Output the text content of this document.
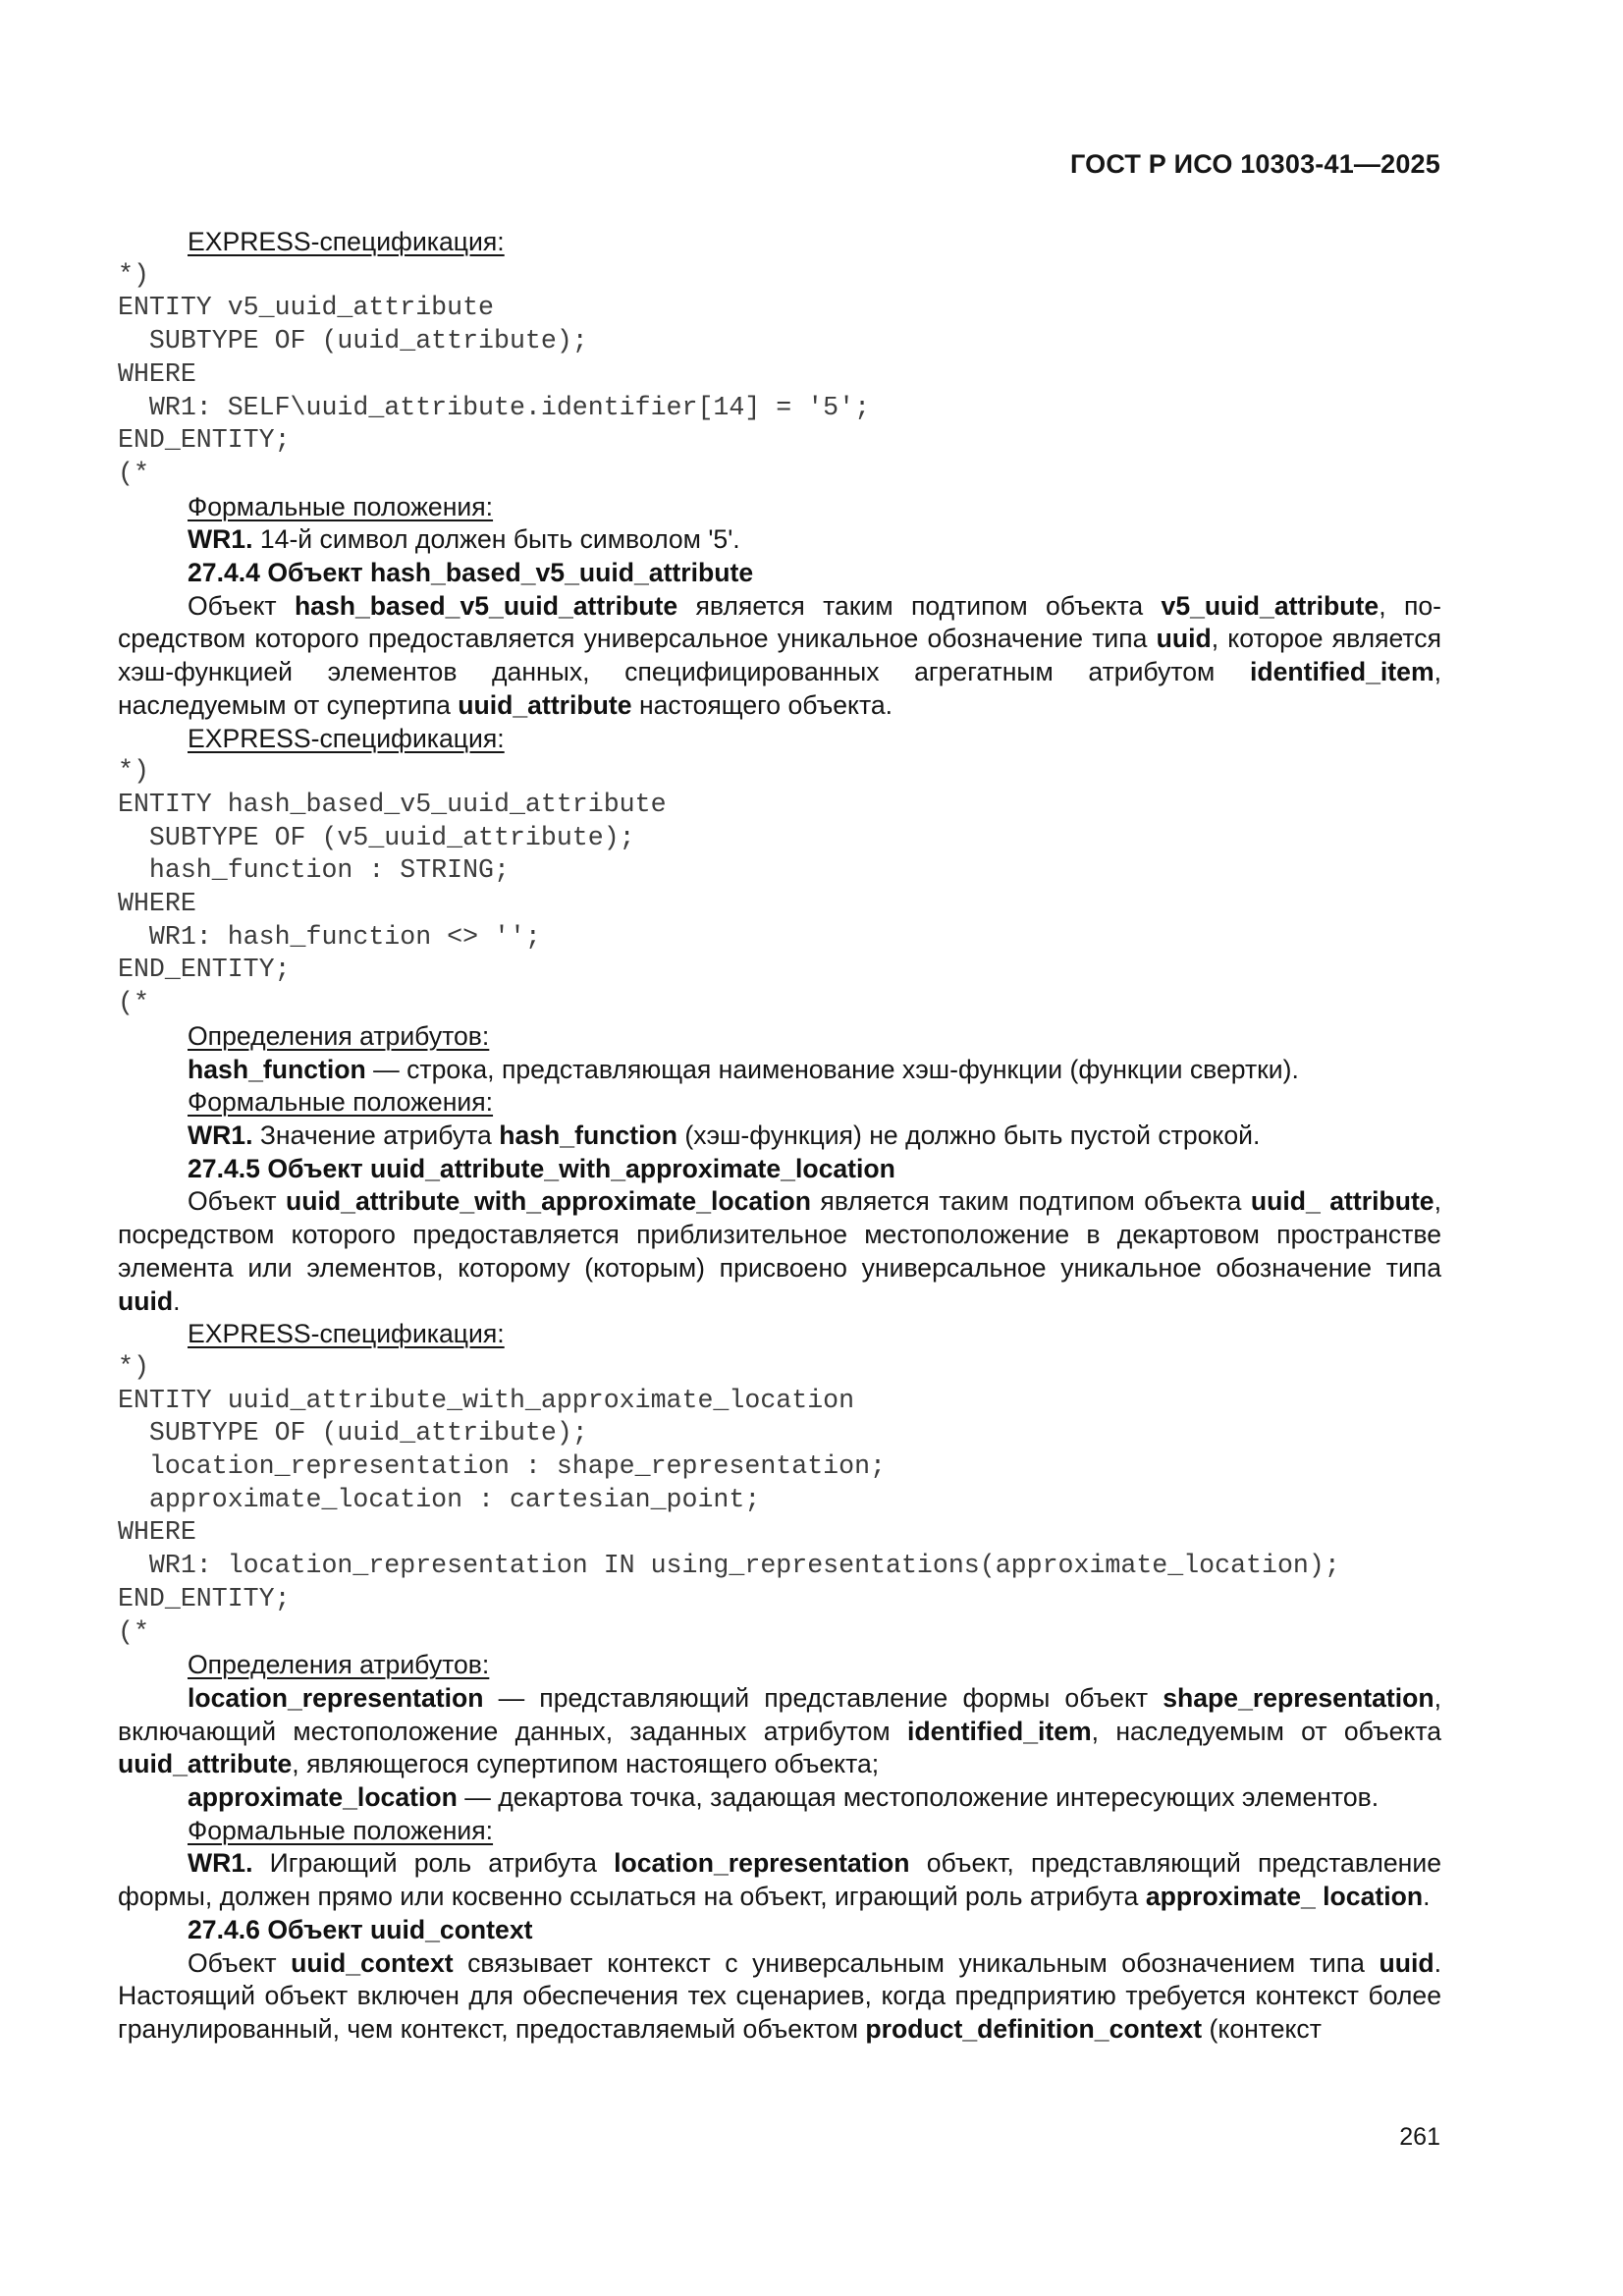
ГОСТ Р ИСО 10303-41—2025

EXPRESS-спецификация:

*)
ENTITY v5_uuid_attribute
SUBTYPE OF (uuid_attribute);
WHERE
WR1: SELF\uuid_attribute.identifier[14] = '5';
END_ENTITY;
(*

Формальные положения:

WR1. 14-й символ должен быть символом '5'.

27.4.4 Объект hash_based_v5_uuid_attribute

Объект hash_based_v5_uuid_attribute является таким подтипом объекта v5_uuid_attribute, посредством которого предоставляется универсальное уникальное обозначение типа uuid, которое является хэш-функцией элементов данных, специфицированных агрегатным атрибутом identified_item, наследуемым от супертипа uuid_attribute настоящего объекта.

EXPRESS-спецификация:

*)
ENTITY hash_based_v5_uuid_attribute
SUBTYPE OF (v5_uuid_attribute);
hash_function : STRING;
WHERE
WR1: hash_function <> '';
END_ENTITY;
(*

Определения атрибутов:

hash_function — строка, представляющая наименование хэш-функции (функции свертки).

Формальные положения:

WR1. Значение атрибута hash_function (хэш-функция) не должно быть пустой строкой.

27.4.5 Объект uuid_attribute_with_approximate_location

Объект uuid_attribute_with_approximate_location является таким подтипом объекта uuid_ attribute, посредством которого предоставляется приблизительное местоположение в декартовом пространстве элемента или элементов, которому (которым) присвоено универсальное уникальное обозначение типа uuid.

EXPRESS-спецификация:

*)
ENTITY uuid_attribute_with_approximate_location
SUBTYPE OF (uuid_attribute);
location_representation : shape_representation;
approximate_location : cartesian_point;
WHERE
WR1: location_representation IN using_representations(approximate_location);
END_ENTITY;
(*

Определения атрибутов:

location_representation — представляющий представление формы объект shape_representation, включающий местоположение данных, заданных атрибутом identified_item, наследуемым от объекта uuid_attribute, являющегося супертипом настоящего объекта;

approximate_location — декартова точка, задающая местоположение интересующих элементов.

Формальные положения:

WR1. Играющий роль атрибута location_representation объект, представляющий представление формы, должен прямо или косвенно ссылаться на объект, играющий роль атрибута approximate_ location.

27.4.6 Объект uuid_context

Объект uuid_context связывает контекст с универсальным уникальным обозначением типа uuid. Настоящий объект включен для обеспечения тех сценариев, когда предприятию требуется контекст более гранулированный, чем контекст, предоставляемый объектом product_definition_context (контекст

261
